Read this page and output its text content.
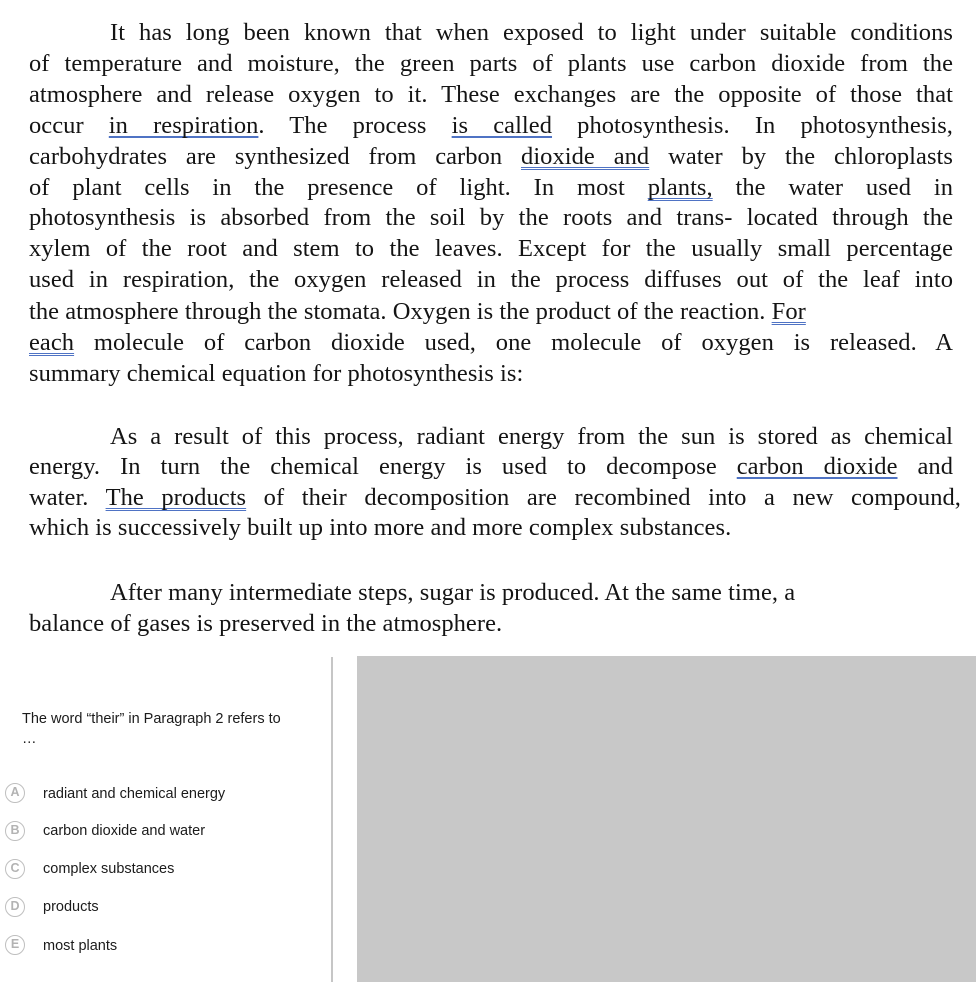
It has long been known that when exposed to light under suitable conditions
of temperature and moisture, the green parts of plants use carbon dioxide from the
atmosphere and release oxygen to it. These exchanges are the opposite of those that
occur in respiration. The process is called photosynthesis. In photosynthesis,
carbohydrates are synthesized from carbon dioxide and water by the chloroplasts
of plant cells in the presence of light. In most plants, the water used in
photosynthesis is absorbed from the soil by the roots and trans- located through the
xylem of the root and stem to the leaves. Except for the usually small percentage
used in respiration, the oxygen released in the process diffuses out of the leaf into
the atmosphere through the stomata. Oxygen is the product of the reaction. For
each molecule of carbon dioxide used, one molecule of oxygen is released. A
summary chemical equation for photosynthesis is:
As a result of this process, radiant energy from the sun is stored as chemical
energy. In turn the chemical energy is used to decompose carbon dioxide and
water. The products of their decomposition are recombined into a new compound,
which is successively built up into more and more complex substances.
After many intermediate steps, sugar is produced. At the same time, a
balance of gases is preserved in the atmosphere.
The word “their” in Paragraph 2 refers to …
A	radiant and chemical energy
B	carbon dioxide and water
C	complex substances
D	products
E	most plants
